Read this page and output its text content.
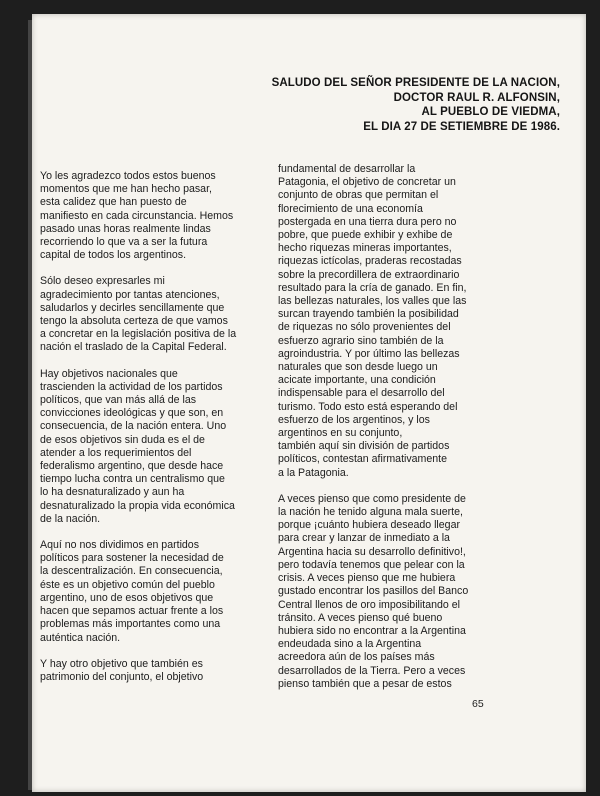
SALUDO DEL SEÑOR PRESIDENTE DE LA NACION,
DOCTOR RAUL R. ALFONSIN,
AL PUEBLO DE VIEDMA,
EL DIA 27 DE SETIEMBRE DE 1986.

Yo les agradezco todos estos buenos
momentos que me han hecho pasar,
esta calidez que han puesto de
manifiesto en cada circunstancia. Hemos
pasado unas horas realmente lindas
recorriendo lo que va a ser la futura
capital de todos los argentinos.

Sólo deseo expresarles mi
agradecimiento por tantas atenciones,
saludarlos y decirles sencillamente que
tengo la absoluta certeza de que vamos
a concretar en la legislación positiva de la
nación el traslado de la Capital Federal.

Hay objetivos nacionales que
trascienden la actividad de los partidos
políticos, que van más allá de las
convicciones ideológicas y que son, en
consecuencia, de la nación entera. Uno
de esos objetivos sin duda es el de
atender a los requerimientos del
federalismo argentino, que desde hace
tiempo lucha contra un centralismo que
lo ha desnaturalizado y aun ha
desnaturalizado la propia vida económica
de la nación.

Aquí no nos dividimos en partidos
políticos para sostener la necesidad de
la descentralización. En consecuencia,
éste es un objetivo común del pueblo
argentino, uno de esos objetivos que
hacen que sepamos actuar frente a los
problemas más importantes como una
auténtica nación.

Y hay otro objetivo que también es
patrimonio del conjunto, el objetivo

fundamental de desarrollar la
Patagonia, el objetivo de concretar un
conjunto de obras que permitan el
florecimiento de una economía
postergada en una tierra dura pero no
pobre, que puede exhibir y exhibe de
hecho riquezas mineras importantes,
riquezas ictícolas, praderas recostadas
sobre la precordillera de extraordinario
resultado para la cría de ganado. En fin,
las bellezas naturales, los valles que las
surcan trayendo también la posibilidad
de riquezas no sólo provenientes del
esfuerzo agrario sino también de la
agroindustria. Y por último las bellezas
naturales que son desde luego un
acicate importante, una condición
indispensable para el desarrollo del
turismo. Todo esto está esperando del
esfuerzo de los argentinos, y los
argentinos en su conjunto,
también aquí sin división de partidos
políticos, contestan afirmativamente
a la Patagonia.

A veces pienso que como presidente de
la nación he tenido alguna mala suerte,
porque ¡cuánto hubiera deseado llegar
para crear y lanzar de inmediato a la
Argentina hacia su desarrollo definitivo!,
pero todavía tenemos que pelear con la
crisis. A veces pienso que me hubiera
gustado encontrar los pasillos del Banco
Central llenos de oro imposibilitando el
tránsito. A veces pienso qué bueno
hubiera sido no encontrar a la Argentina
endeudada sino a la Argentina
acreedora aún de los países más
desarrollados de la Tierra. Pero a veces
pienso también que a pesar de estos

65
